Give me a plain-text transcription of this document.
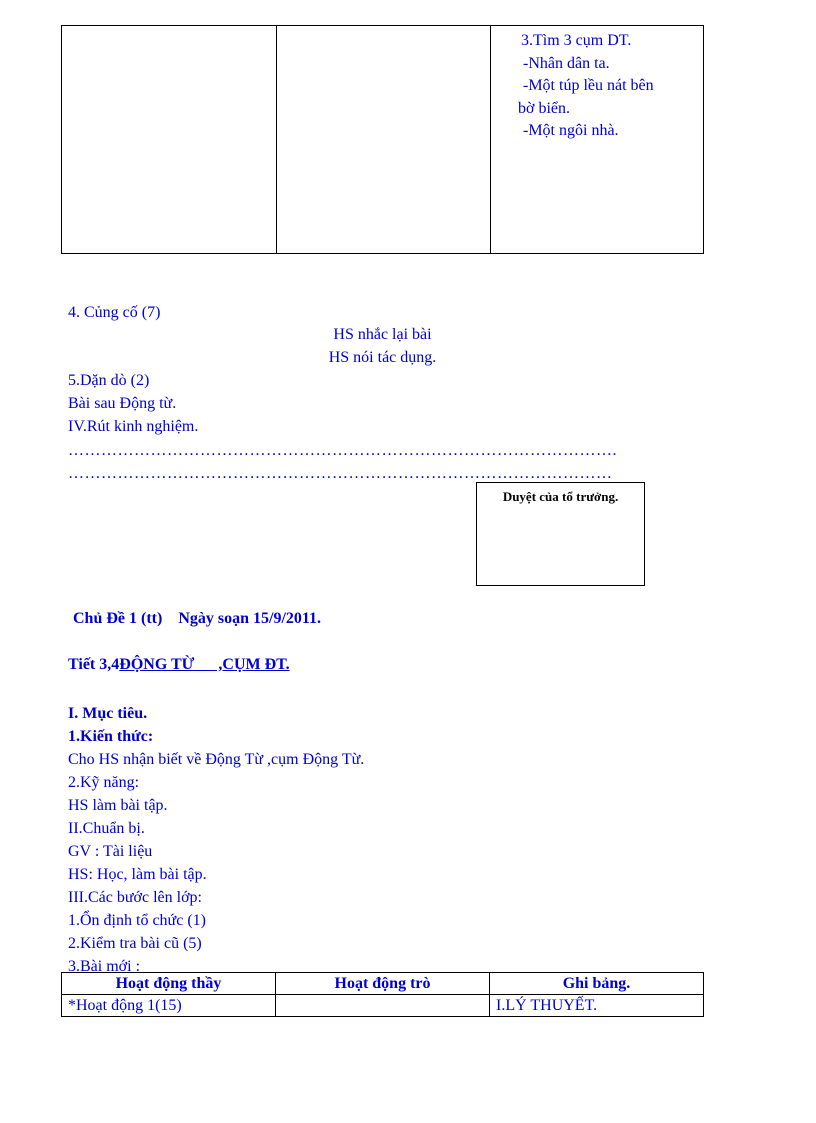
3.Tìm 3 cụm DT.
-Nhân dân ta.
-Một túp lều nát bên
bờ biển.
-Một ngôi nhà.
4. Củng cố (7)
HS nhắc lại bài
HS nói tác dụng.
5.Dặn dò (2)
Bài sau Động từ.
IV.Rút kinh nghiệm.
……………………………………………………………………………………….
………………………………………………………………………………………
Duyệt của tổ trưởng.
Chủ Đề 1 (tt)    Ngày soạn 15/9/2011.
Tiết 3,4ĐỘNG TỪ      ,CỤM ĐT.
I. Mục tiêu.
1.Kiến thức:
Cho HS nhận biết về Động Từ ,cụm Động Từ.
2.Kỹ năng:
HS làm bài tập.
II.Chuẩn bị.
GV : Tài liệu
HS: Học, làm bài tập.
III.Các bước lên lớp:
1.Ổn định tổ chức (1)
2.Kiểm tra bài cũ (5)
3.Bài mới :
Hoạt động thầy	Hoạt động trò	Ghi bảng.
*Hoạt động 1(15)		I.LÝ THUYẾT.
